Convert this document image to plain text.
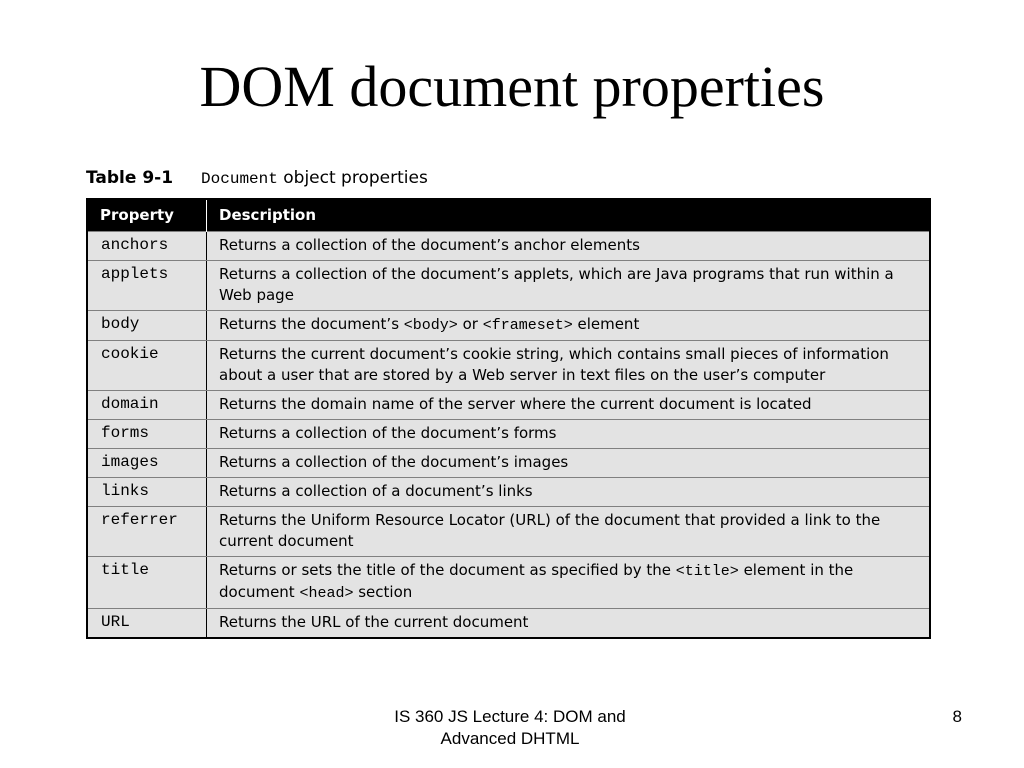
DOM document properties
Table 9-1 Document object properties
Property	Description
anchors	Returns a collection of the document’s anchor elements
applets	Returns a collection of the document’s applets, which are Java programs that run within a Web page
body	Returns the document’s <body> or <frameset> element
cookie	Returns the current document’s cookie string, which contains small pieces of information about a user that are stored by a Web server in text files on the user’s computer
domain	Returns the domain name of the server where the current document is located
forms	Returns a collection of the document’s forms
images	Returns a collection of the document’s images
links	Returns a collection of a document’s links
referrer	Returns the Uniform Resource Locator (URL) of the document that provided a link to the current document
title	Returns or sets the title of the document as specified by the <title> element in the document <head> section
URL	Returns the URL of the current document
IS 360 JS Lecture 4: DOM and
Advanced DHTML
8
